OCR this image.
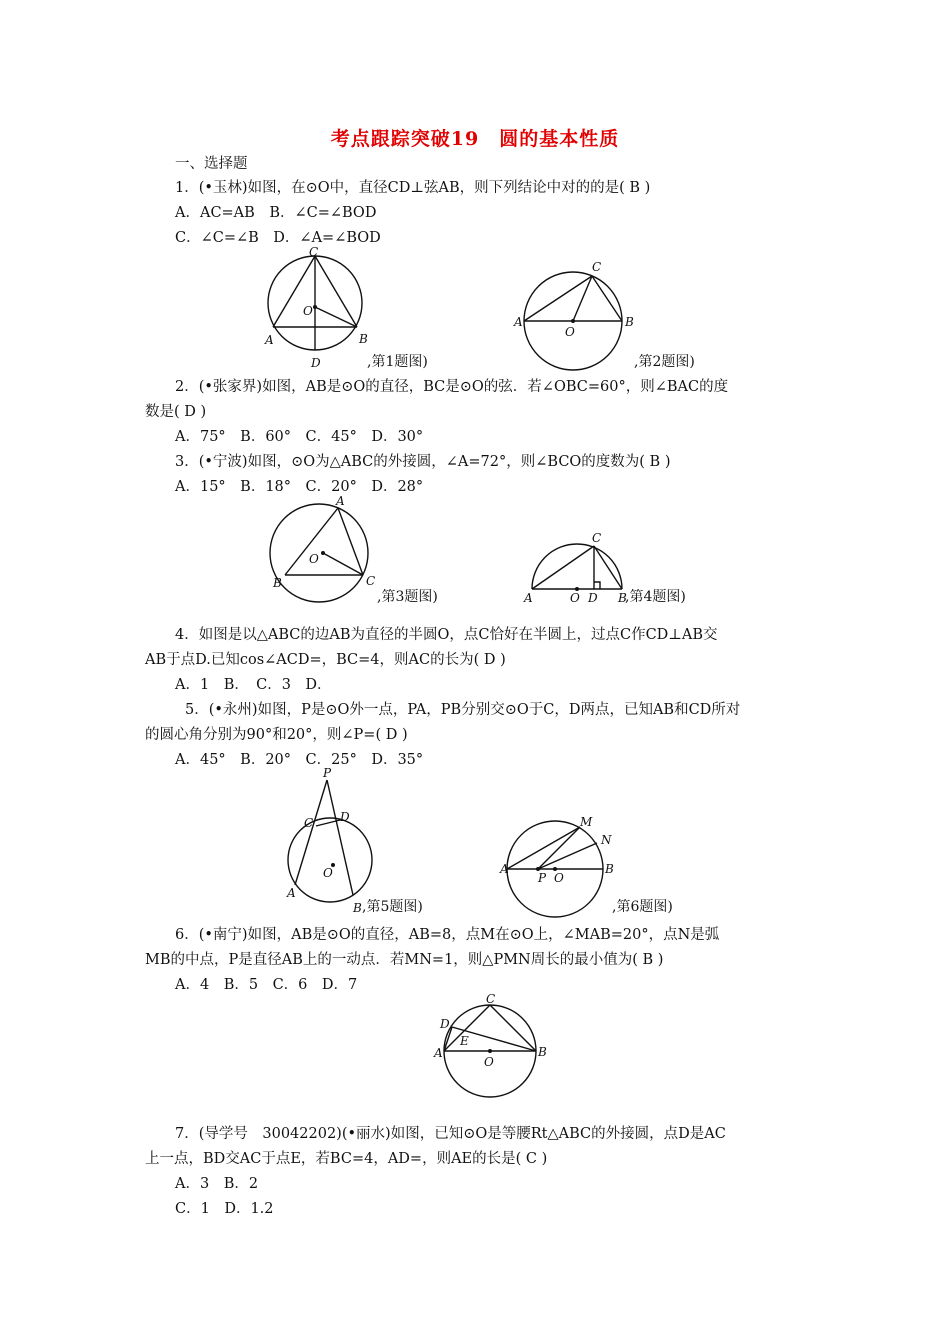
考点跟踪突破19　圆的基本性质
一、选择题
1．(•玉林)如图，在⊙O中，直径CD⊥弦AB，则下列结论中对的的是( B )
A．AC=AB　B．∠C=∠BOD
C．∠C=∠B　D．∠A=∠BOD
C
O
A	B
D	,第1题图)
C
A
O
B
,第2题图)
2．(•张家界)如图，AB是⊙O的直径，BC是⊙O的弦．若∠OBC=60°，则∠BAC的度
数是( D )
A．75°　B．60°　C．45°　D．30°
3．(•宁波)如图，⊙O为△ABC的外接圆，∠A=72°，则∠BCO的度数为( B )
A．15°　B．18°　C．20°　D．28°
A
O
B	C
,第3题图)
C
A	O D B
,第4题图)
4．如图是以△ABC的边AB为直径的半圆O，点C恰好在半圆上，过点C作CD⊥AB交
AB于点D.已知cos∠ACD=，BC=4，则AC的长为( D )
A．1　B．　C．3　D．
5．(•永州)如图，P是⊙O外一点，PA，PB分别交⊙O于C，D两点，已知AB和CD所对
的圆心角分别为90°和20°，则∠P=( D )
A．45°　B．20°　C．25°　D．35°
P
C D
O
A
B ,第5题图)
M
N
A
P O
B
,第6题图)
6．(•南宁)如图，AB是⊙O的直径，AB=8，点M在⊙O上，∠MAB=20°，点N是弧
MB的中点，P是直径AB上的一动点．若MN=1，则△PMN周长的最小值为( B )
A．4　B．5　C．6　D．7
C
D
E
A
O
B
7．(导学号　30042202)(•丽水)如图，已知⊙O是等腰Rt△ABC的外接圆，点D是AC
上一点，BD交AC于点E，若BC=4，AD=，则AE的长是( C )
A．3　B．2
C．1　D．1.2
